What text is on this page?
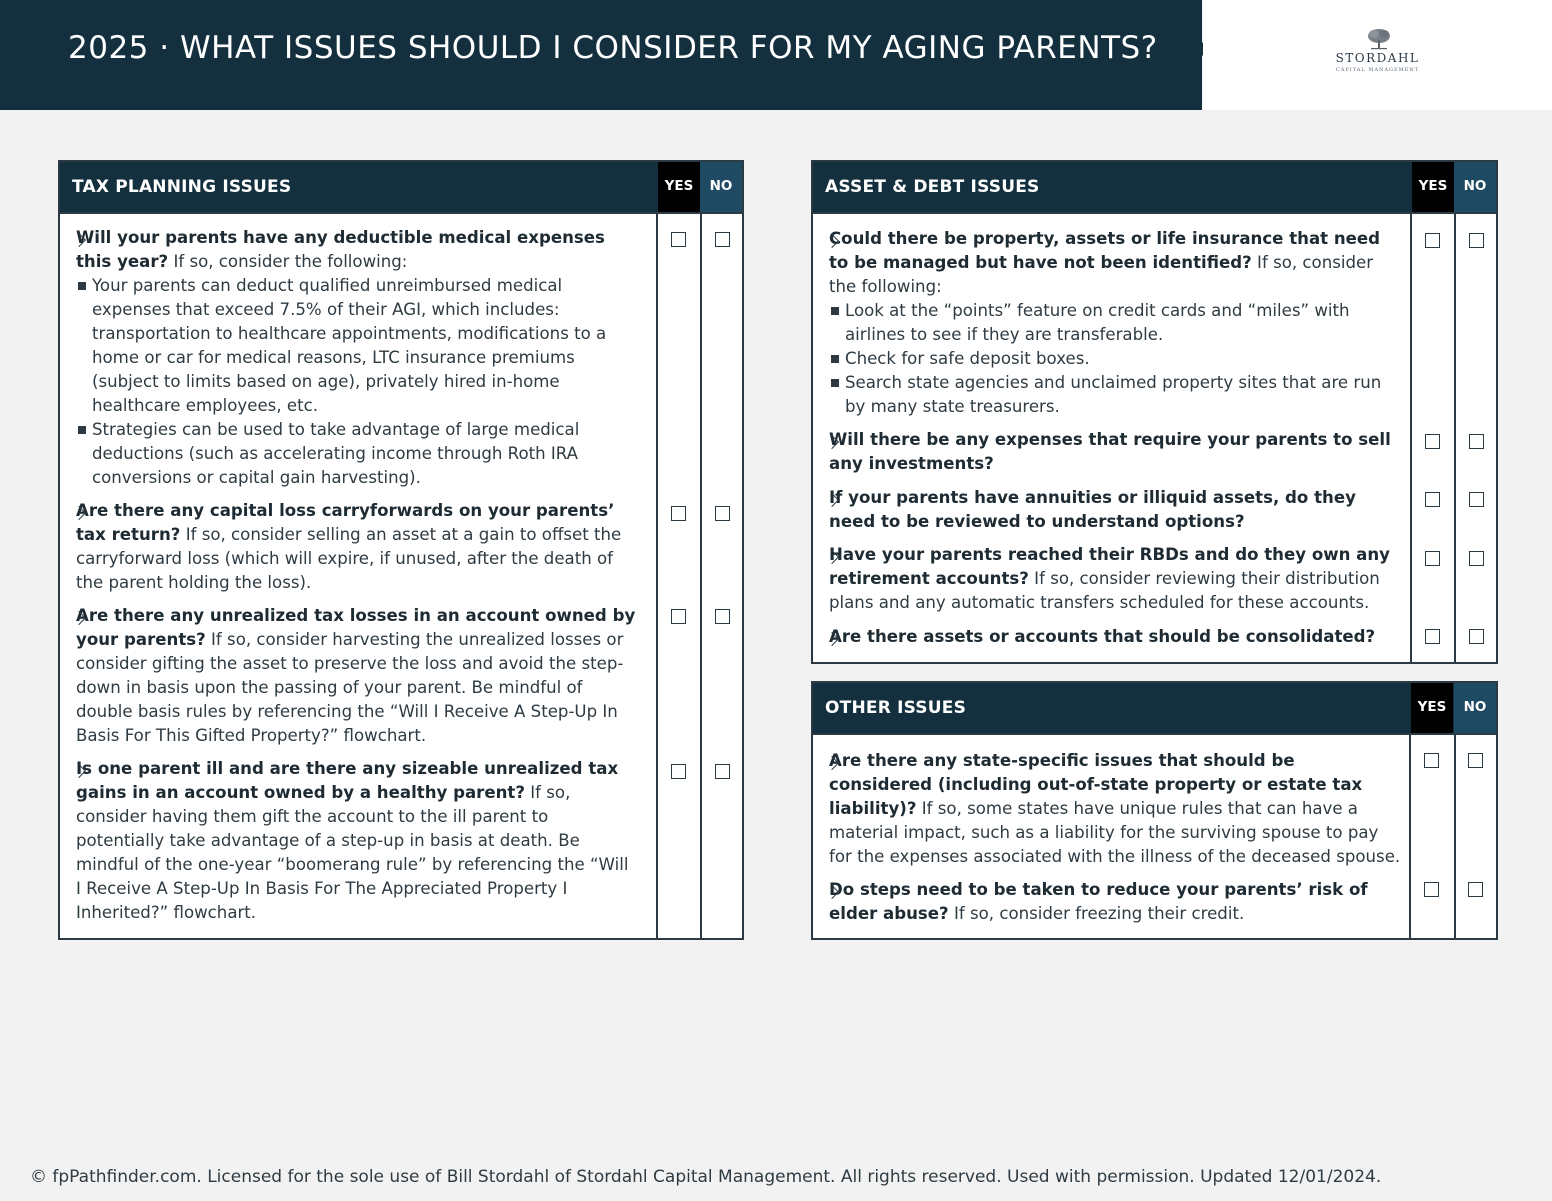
2025 · WHAT ISSUES SHOULD I CONSIDER FOR MY AGING PARENTS?	STORDAHL
CAPITAL MANAGEMENT
TAX PLANNING ISSUES	YES	NO
Will your parents have any deductible medical expenses this year? If so, consider the following:
Your parents can deduct qualified unreimbursed medical expenses that exceed 7.5% of their AGI, which includes: transportation to healthcare appointments, modifications to a home or car for medical reasons, LTC insurance premiums (subject to limits based on age), privately hired in-home healthcare employees, etc.
Strategies can be used to take advantage of large medical deductions (such as accelerating income through Roth IRA conversions or capital gain harvesting).
Are there any capital loss carryforwards on your parents’ tax return? If so, consider selling an asset at a gain to offset the carryforward loss (which will expire, if unused, after the death of the parent holding the loss).
Are there any unrealized tax losses in an account owned by your parents? If so, consider harvesting the unrealized losses or consider gifting the asset to preserve the loss and avoid the step-down in basis upon the passing of your parent. Be mindful of double basis rules by referencing the “Will I Receive A Step-Up In Basis For This Gifted Property?” flowchart.
Is one parent ill and are there any sizeable unrealized tax gains in an account owned by a healthy parent? If so, consider having them gift the account to the ill parent to potentially take advantage of a step-up in basis at death. Be mindful of the one-year “boomerang rule” by referencing the “Will I Receive A Step-Up In Basis For The Appreciated Property I Inherited?” flowchart.
ASSET & DEBT ISSUES	YES	NO
Could there be property, assets or life insurance that need to be managed but have not been identified? If so, consider the following:
Look at the “points” feature on credit cards and “miles” with airlines to see if they are transferable.
Check for safe deposit boxes.
Search state agencies and unclaimed property sites that are run by many state treasurers.
Will there be any expenses that require your parents to sell any investments?
If your parents have annuities or illiquid assets, do they need to be reviewed to understand options?
Have your parents reached their RBDs and do they own any retirement accounts? If so, consider reviewing their distribution plans and any automatic transfers scheduled for these accounts.
Are there assets or accounts that should be consolidated?
OTHER ISSUES	YES	NO
Are there any state-specific issues that should be considered (including out-of-state property or estate tax liability)? If so, some states have unique rules that can have a material impact, such as a liability for the surviving spouse to pay for the expenses associated with the illness of the deceased spouse.
Do steps need to be taken to reduce your parents’ risk of elder abuse? If so, consider freezing their credit.
© fpPathfinder.com. Licensed for the sole use of Bill Stordahl of Stordahl Capital Management. All rights reserved. Used with permission. Updated 12/01/2024.
